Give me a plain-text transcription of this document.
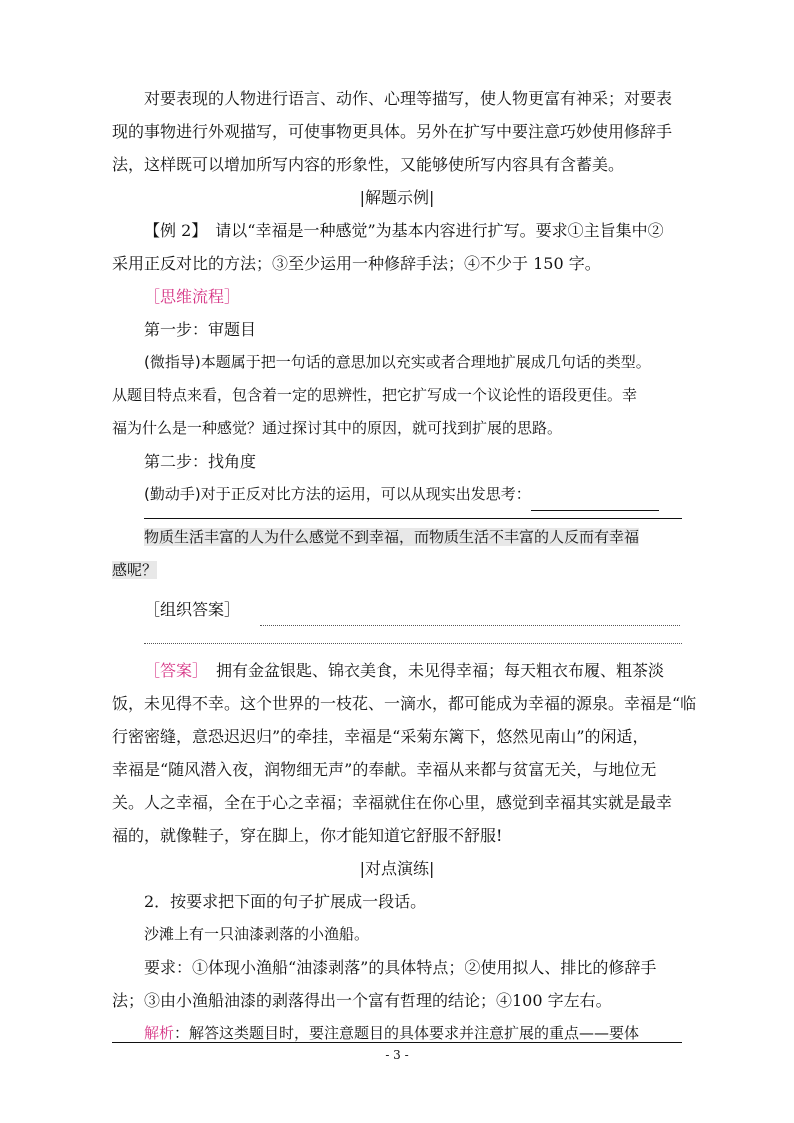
对要表现的人物进行语言、动作、心理等描写，使人物更富有神采；对要表
现的事物进行外观描写，可使事物更具体。另外在扩写中要注意巧妙使用修辞手
法，这样既可以增加所写内容的形象性，又能够使所写内容具有含蓄美。
|解题示例|
【例 2】　请以“幸福是一种感觉”为基本内容进行扩写。要求①主旨集中②
采用正反对比的方法；③至少运用一种修辞手法；④不少于 150 字。
［思维流程］
第一步：审题目
(微指导)本题属于把一句话的意思加以充实或者合理地扩展成几句话的类型。
从题目特点来看，包含着一定的思辨性，把它扩写成一个议论性的语段更佳。幸
福为什么是一种感觉？通过探讨其中的原因，就可找到扩展的思路。
第二步：找角度
(勤动手)对于正反对比方法的运用，可以从现实出发思考：
物质生活丰富的人为什么感觉不到幸福，而物质生活不丰富的人反而有幸福
感呢？
［组织答案］
［答案］　拥有金盆银匙、锦衣美食，未见得幸福；每天粗衣布履、粗茶淡
饭，未见得不幸。这个世界的一枝花、一滴水，都可能成为幸福的源泉。幸福是“临
行密密缝，意恐迟迟归”的牵挂，幸福是“采菊东篱下，悠然见南山”的闲适，
幸福是“随风潜入夜，润物细无声”的奉献。幸福从来都与贫富无关，与地位无
关。人之幸福，全在于心之幸福；幸福就住在你心里，感觉到幸福其实就是最幸
福的，就像鞋子，穿在脚上，你才能知道它舒服不舒服!
|对点演练|
2．按要求把下面的句子扩展成一段话。
沙滩上有一只油漆剥落的小渔船。
要求：①体现小渔船“油漆剥落”的具体特点；②使用拟人、排比的修辞手
法；③由小渔船油漆的剥落得出一个富有哲理的结论；④100 字左右。
解析：解答这类题目时，要注意题目的具体要求并注意扩展的重点——要体
- 3 -
